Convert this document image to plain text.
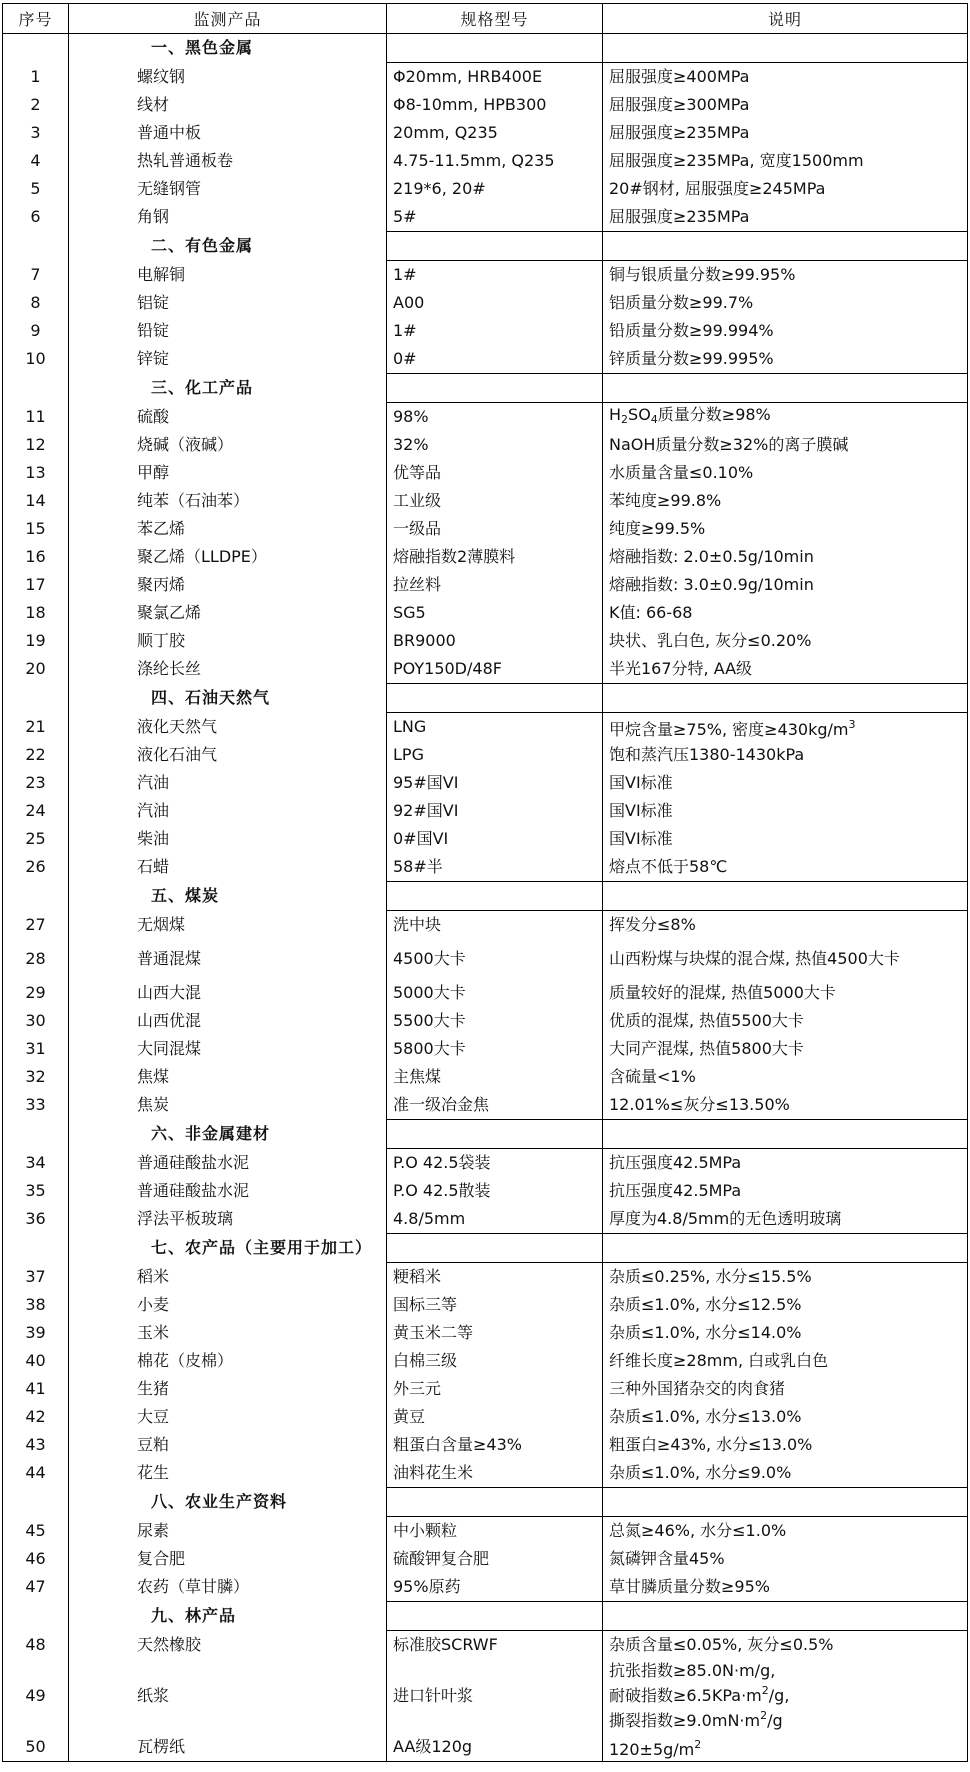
序号	监测产品	规格型号	说明
	一、黑色金属		
1	螺纹钢	Φ20mm, HRB400E	屈服强度≥400MPa
2	线材	Φ8-10mm, HPB300	屈服强度≥300MPa
3	普通中板	20mm, Q235	屈服强度≥235MPa
4	热轧普通板卷	4.75-11.5mm, Q235	屈服强度≥235MPa, 宽度1500mm
5	无缝钢管	219*6, 20#	20#钢材, 屈服强度≥245MPa
6	角钢	5#	屈服强度≥235MPa
	二、有色金属		
7	电解铜	1#	铜与银质量分数≥99.95%
8	铝锭	A00	铝质量分数≥99.7%
9	铅锭	1#	铅质量分数≥99.994%
10	锌锭	0#	锌质量分数≥99.995%
	三、化工产品		
11	硫酸	98%	$H_2SO_4$质量分数≥98%
12	烧碱（液碱）	32%	NaOH质量分数≥32%的离子膜碱
13	甲醇	优等品	水质量含量≤0.10%
14	纯苯（石油苯）	工业级	苯纯度≥99.8%
15	苯乙烯	一级品	纯度≥99.5%
16	聚乙烯（LLDPE）	熔融指数2薄膜料	熔融指数: 2.0±0.5g/10min
17	聚丙烯	拉丝料	熔融指数: 3.0±0.9g/10min
18	聚氯乙烯	SG5	K值: 66-68
19	顺丁胶	BR9000	块状、乳白色, 灰分≤0.20%
20	涤纶长丝	POY150D/48F	半光167分特, AA级
	四、石油天然气		
21	液化天然气	LNG	甲烷含量≥75%, 密度$\ge 430kg/m^3$
22	液化石油气	LPG	饱和蒸汽压1380-1430kPa
23	汽油	95#国VI	国VI标准
24	汽油	92#国VI	国VI标准
25	柴油	0#国VI	国VI标准
26	石蜡	58#半	熔点不低于58℃
	五、煤炭		
27	无烟煤	洗中块	挥发分≤8%
28	普通混煤	4500大卡	山西粉煤与块煤的混合煤, 热值4500大卡
29	山西大混	5000大卡	质量较好的混煤, 热值5000大卡
30	山西优混	5500大卡	优质的混煤, 热值5500大卡
31	大同混煤	5800大卡	大同产混煤, 热值5800大卡
32	焦煤	主焦煤	含硫量<1%
33	焦炭	准一级冶金焦	12.01%≤灰分≤13.50%
	六、非金属建材		
34	普通硅酸盐水泥	P.O 42.5袋装	抗压强度42.5MPa
35	普通硅酸盐水泥	P.O 42.5散装	抗压强度42.5MPa
36	浮法平板玻璃	4.8/5mm	厚度为4.8/5mm的无色透明玻璃
	七、农产品（主要用于加工）		
37	稻米	粳稻米	杂质≤0.25%, 水分≤15.5%
38	小麦	国标三等	杂质≤1.0%, 水分≤12.5%
39	玉米	黄玉米二等	杂质≤1.0%, 水分≤14.0%
40	棉花（皮棉）	白棉三级	纤维长度≥28mm, 白或乳白色
41	生猪	外三元	三种外国猪杂交的肉食猪
42	大豆	黄豆	杂质≤1.0%, 水分≤13.0%
43	豆粕	粗蛋白含量≥43%	粗蛋白≥43%, 水分≤13.0%
44	花生	油料花生米	杂质≤1.0%, 水分≤9.0%
	八、农业生产资料		
45	尿素	中小颗粒	总氮≥46%, 水分≤1.0%
46	复合肥	硫酸钾复合肥	氮磷钾含量45%
47	农药（草甘膦）	95%原药	草甘膦质量分数≥95%
	九、林产品		
48	天然橡胶	标准胶SCRWF	杂质含量≤0.05%, 灰分≤0.5%
49	纸浆	进口针叶浆	抗张指数≥85.0N·m/g,
耐破指数$\ge 6.5KPa\cdot m^2/g$,
撕裂指数$\ge 9.0mN\cdot m^2/g$

50	瓦楞纸	AA级120g	$120\pm 5g/m^2$
